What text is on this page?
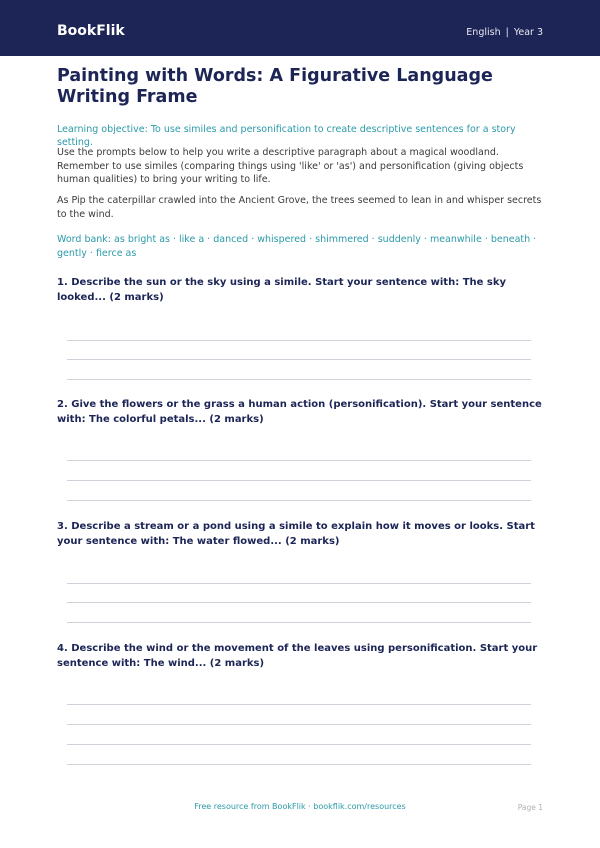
BookFlik	English | Year 3
Painting with Words: A Figurative Language Writing Frame
Learning objective: To use similes and personification to create descriptive sentences for a story setting.
Use the prompts below to help you write a descriptive paragraph about a magical woodland. Remember to use similes (comparing things using 'like' or 'as') and personification (giving objects human qualities) to bring your writing to life.
As Pip the caterpillar crawled into the Ancient Grove, the trees seemed to lean in and whisper secrets to the wind.
Word bank: as bright as · like a · danced · whispered · shimmered · suddenly · meanwhile · beneath · gently · fierce as
1. Describe the sun or the sky using a simile. Start your sentence with: The sky looked... (2 marks)
2. Give the flowers or the grass a human action (personification). Start your sentence with: The colorful petals... (2 marks)
3. Describe a stream or a pond using a simile to explain how it moves or looks. Start your sentence with: The water flowed... (2 marks)
4. Describe the wind or the movement of the leaves using personification. Start your sentence with: The wind... (2 marks)
Free resource from BookFlik · bookflik.com/resources	Page 1
